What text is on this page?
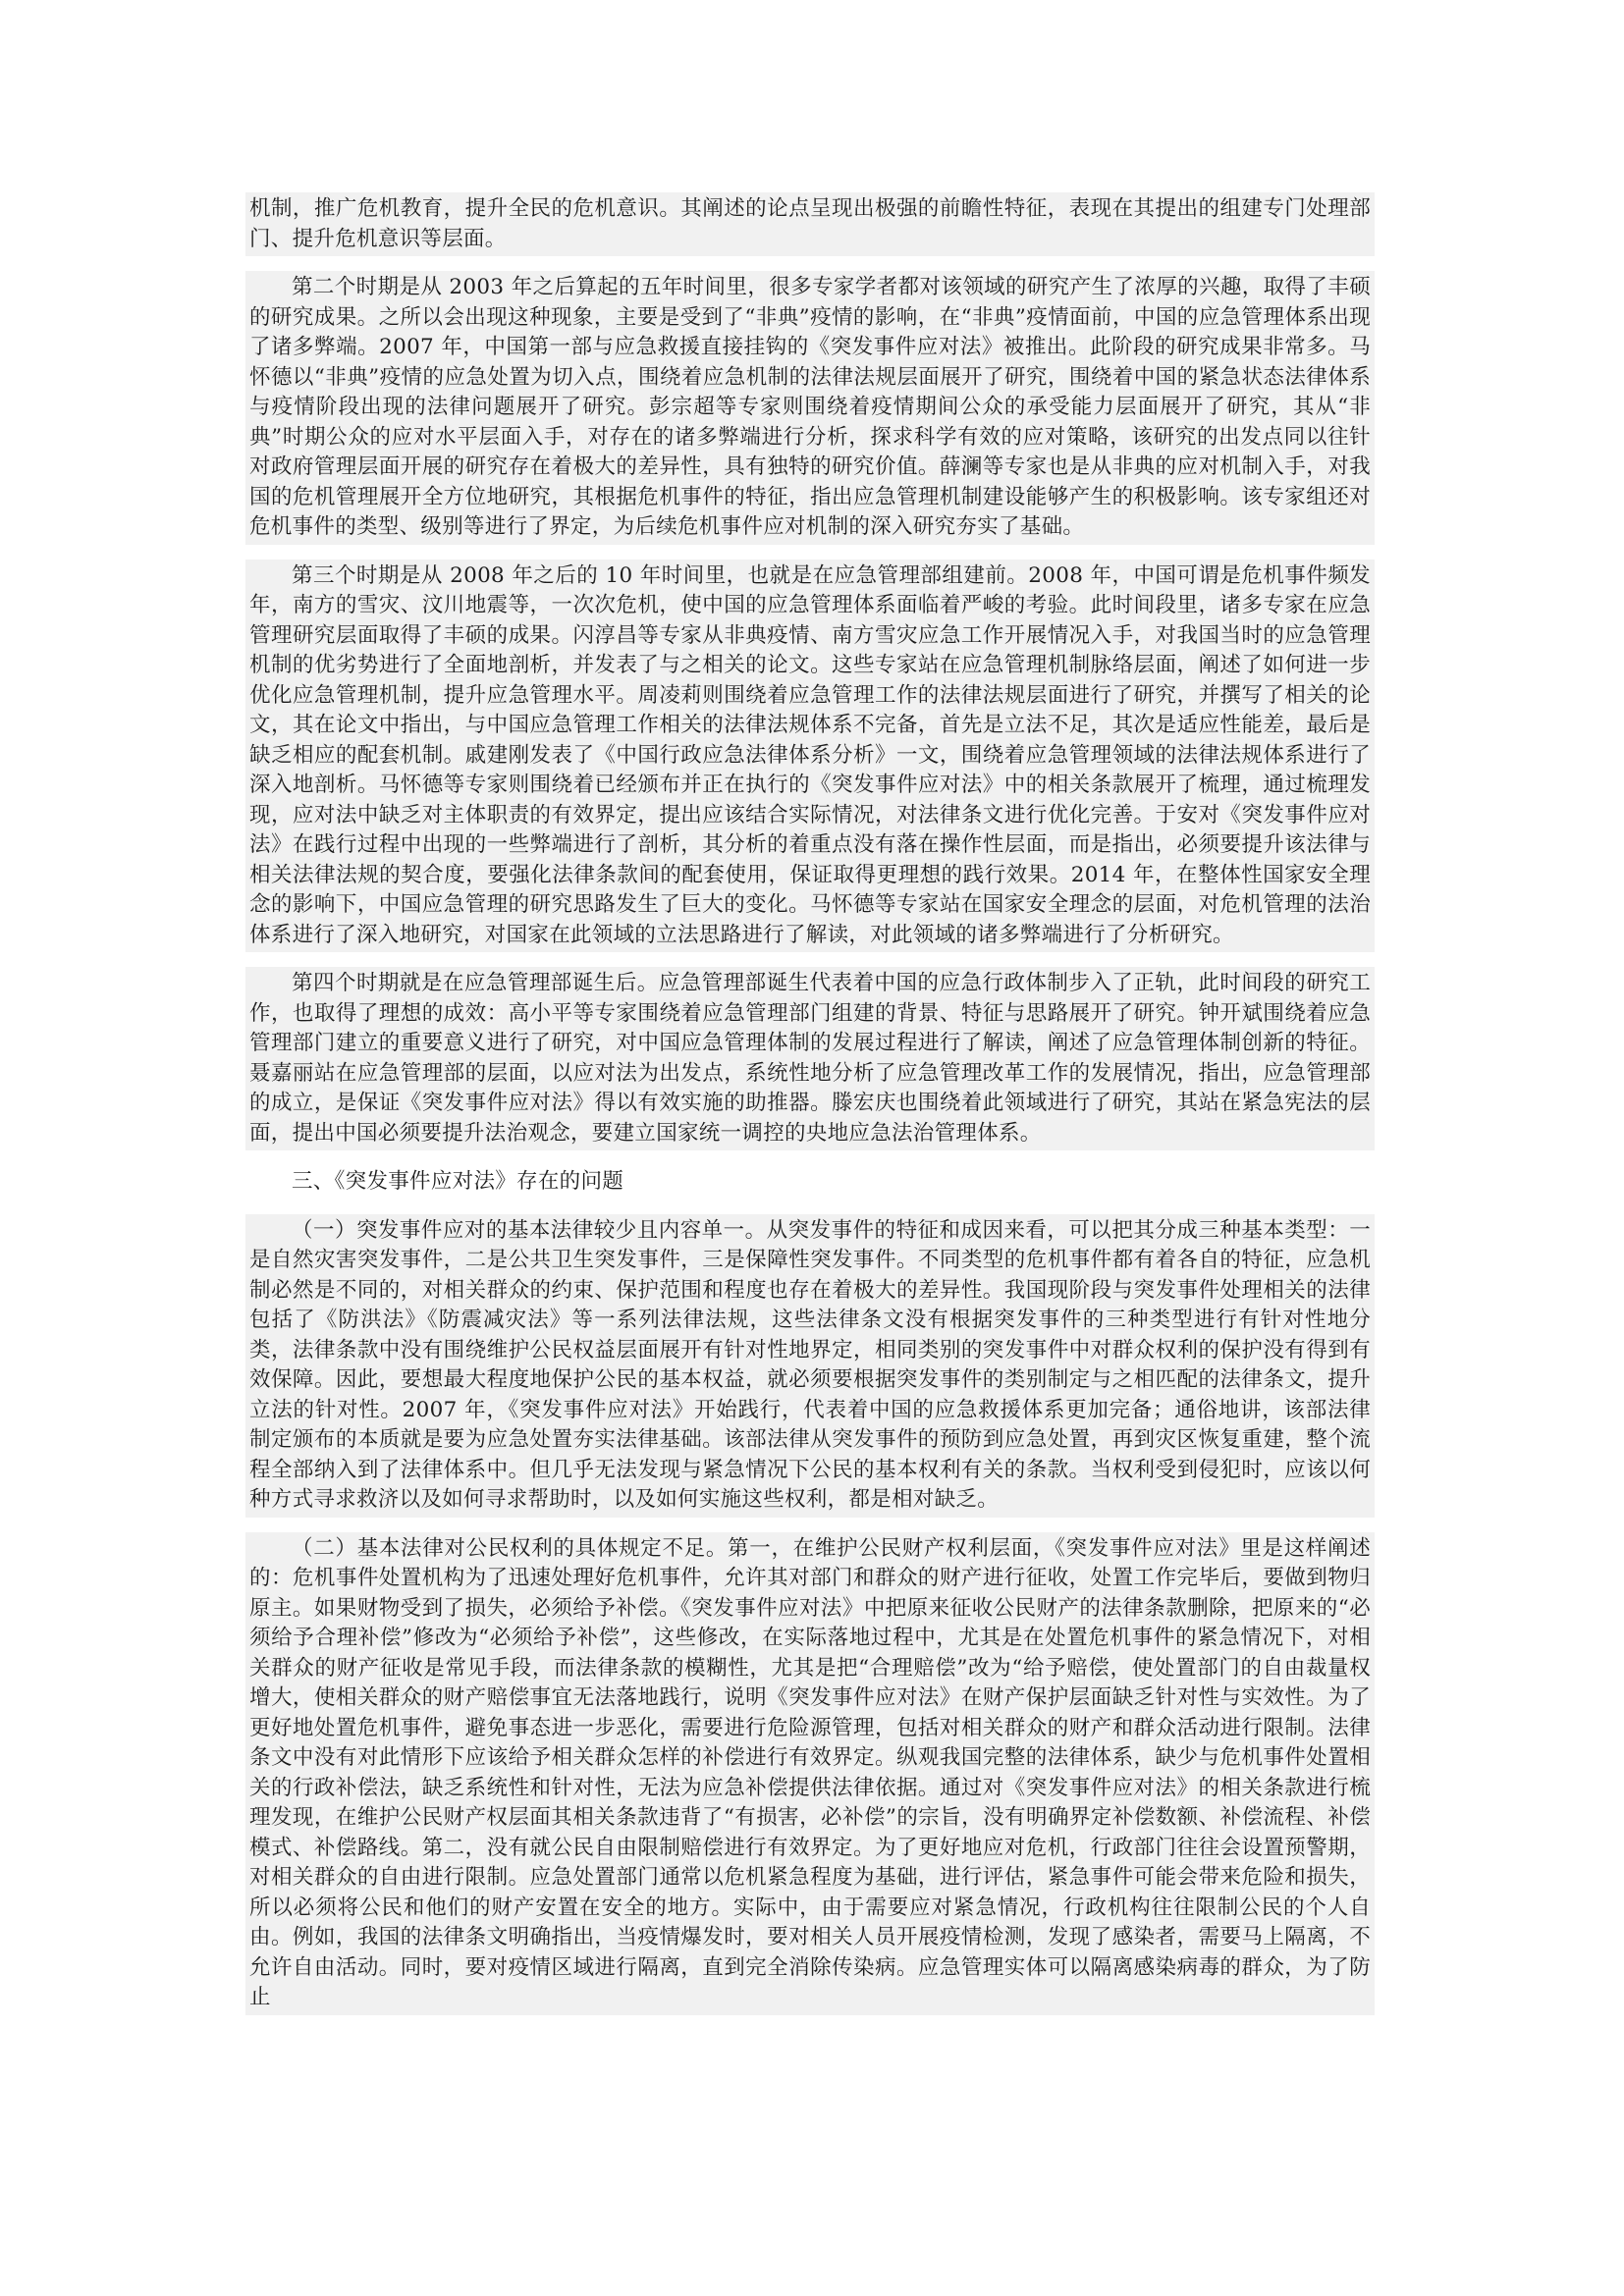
机制，推广危机教育，提升全民的危机意识。其阐述的论点呈现出极强的前瞻性特征，表现在其提出的组建专门处理部门、提升危机意识等层面。

第二个时期是从 2003 年之后算起的五年时间里，很多专家学者都对该领域的研究产生了浓厚的兴趣，取得了丰硕的研究成果。之所以会出现这种现象，主要是受到了“非典”疫情的影响，在“非典”疫情面前，中国的应急管理体系出现了诸多弊端。2007 年，中国第一部与应急救援直接挂钩的《突发事件应对法》被推出。此阶段的研究成果非常多。马怀德以“非典”疫情的应急处置为切入点，围绕着应急机制的法律法规层面展开了研究，围绕着中国的紧急状态法律体系与疫情阶段出现的法律问题展开了研究。彭宗超等专家则围绕着疫情期间公众的承受能力层面展开了研究，其从“非典”时期公众的应对水平层面入手，对存在的诸多弊端进行分析，探求科学有效的应对策略，该研究的出发点同以往针对政府管理层面开展的研究存在着极大的差异性，具有独特的研究价值。薛澜等专家也是从非典的应对机制入手，对我国的危机管理展开全方位地研究，其根据危机事件的特征，指出应急管理机制建设能够产生的积极影响。该专家组还对危机事件的类型、级别等进行了界定，为后续危机事件应对机制的深入研究夯实了基础。

第三个时期是从 2008 年之后的 10 年时间里，也就是在应急管理部组建前。2008 年，中国可谓是危机事件频发年，南方的雪灾、汶川地震等，一次次危机，使中国的应急管理体系面临着严峻的考验。此时间段里，诸多专家在应急管理研究层面取得了丰硕的成果。闪淳昌等专家从非典疫情、南方雪灾应急工作开展情况入手，对我国当时的应急管理机制的优劣势进行了全面地剖析，并发表了与之相关的论文。这些专家站在应急管理机制脉络层面，阐述了如何进一步优化应急管理机制，提升应急管理水平。周凌莉则围绕着应急管理工作的法律法规层面进行了研究，并撰写了相关的论文，其在论文中指出，与中国应急管理工作相关的法律法规体系不完备，首先是立法不足，其次是适应性能差，最后是缺乏相应的配套机制。戚建刚发表了《中国行政应急法律体系分析》一文，围绕着应急管理领域的法律法规体系进行了深入地剖析。马怀德等专家则围绕着已经颁布并正在执行的《突发事件应对法》中的相关条款展开了梳理，通过梳理发现，应对法中缺乏对主体职责的有效界定，提出应该结合实际情况，对法律条文进行优化完善。于安对《突发事件应对法》在践行过程中出现的一些弊端进行了剖析，其分析的着重点没有落在操作性层面，而是指出，必须要提升该法律与相关法律法规的契合度，要强化法律条款间的配套使用，保证取得更理想的践行效果。2014 年，在整体性国家安全理念的影响下，中国应急管理的研究思路发生了巨大的变化。马怀德等专家站在国家安全理念的层面，对危机管理的法治体系进行了深入地研究，对国家在此领域的立法思路进行了解读，对此领域的诸多弊端进行了分析研究。

第四个时期就是在应急管理部诞生后。应急管理部诞生代表着中国的应急行政体制步入了正轨，此时间段的研究工作，也取得了理想的成效：高小平等专家围绕着应急管理部门组建的背景、特征与思路展开了研究。钟开斌围绕着应急管理部门建立的重要意义进行了研究，对中国应急管理体制的发展过程进行了解读，阐述了应急管理体制创新的特征。聂嘉丽站在应急管理部的层面，以应对法为出发点，系统性地分析了应急管理改革工作的发展情况，指出，应急管理部的成立，是保证《突发事件应对法》得以有效实施的助推器。滕宏庆也围绕着此领域进行了研究，其站在紧急宪法的层面，提出中国必须要提升法治观念，要建立国家统一调控的央地应急法治管理体系。

三、《突发事件应对法》存在的问题

（一）突发事件应对的基本法律较少且内容单一。从突发事件的特征和成因来看，可以把其分成三种基本类型：一是自然灾害突发事件，二是公共卫生突发事件，三是保障性突发事件。不同类型的危机事件都有着各自的特征，应急机制必然是不同的，对相关群众的约束、保护范围和程度也存在着极大的差异性。我国现阶段与突发事件处理相关的法律包括了《防洪法》《防震减灾法》等一系列法律法规，这些法律条文没有根据突发事件的三种类型进行有针对性地分类，法律条款中没有围绕维护公民权益层面展开有针对性地界定，相同类别的突发事件中对群众权利的保护没有得到有效保障。因此，要想最大程度地保护公民的基本权益，就必须要根据突发事件的类别制定与之相匹配的法律条文，提升立法的针对性。2007 年，《突发事件应对法》开始践行，代表着中国的应急救援体系更加完备；通俗地讲，该部法律制定颁布的本质就是要为应急处置夯实法律基础。该部法律从突发事件的预防到应急处置，再到灾区恢复重建，整个流程全部纳入到了法律体系中。但几乎无法发现与紧急情况下公民的基本权利有关的条款。当权利受到侵犯时，应该以何种方式寻求救济以及如何寻求帮助时，以及如何实施这些权利，都是相对缺乏。

（二）基本法律对公民权利的具体规定不足。第一，在维护公民财产权利层面，《突发事件应对法》里是这样阐述的：危机事件处置机构为了迅速处理好危机事件，允许其对部门和群众的财产进行征收，处置工作完毕后，要做到物归原主。如果财物受到了损失，必须给予补偿。《突发事件应对法》中把原来征收公民财产的法律条款删除，把原来的“必须给予合理补偿”修改为“必须给予补偿”，这些修改，在实际落地过程中，尤其是在处置危机事件的紧急情况下，对相关群众的财产征收是常见手段，而法律条款的模糊性，尤其是把“合理赔偿”改为“给予赔偿，使处置部门的自由裁量权增大，使相关群众的财产赔偿事宜无法落地践行，说明《突发事件应对法》在财产保护层面缺乏针对性与实效性。为了更好地处置危机事件，避免事态进一步恶化，需要进行危险源管理，包括对相关群众的财产和群众活动进行限制。法律条文中没有对此情形下应该给予相关群众怎样的补偿进行有效界定。纵观我国完整的法律体系，缺少与危机事件处置相关的行政补偿法，缺乏系统性和针对性，无法为应急补偿提供法律依据。通过对《突发事件应对法》的相关条款进行梳理发现，在维护公民财产权层面其相关条款违背了“有损害，必补偿”的宗旨，没有明确界定补偿数额、补偿流程、补偿模式、补偿路线。第二，没有就公民自由限制赔偿进行有效界定。为了更好地应对危机，行政部门往往会设置预警期，对相关群众的自由进行限制。应急处置部门通常以危机紧急程度为基础，进行评估，紧急事件可能会带来危险和损失，所以必须将公民和他们的财产安置在安全的地方。实际中，由于需要应对紧急情况，行政机构往往限制公民的个人自由。例如，我国的法律条文明确指出，当疫情爆发时，要对相关人员开展疫情检测，发现了感染者，需要马上隔离，不允许自由活动。同时，要对疫情区域进行隔离，直到完全消除传染病。应急管理实体可以隔离感染病毒的群众，为了防止
